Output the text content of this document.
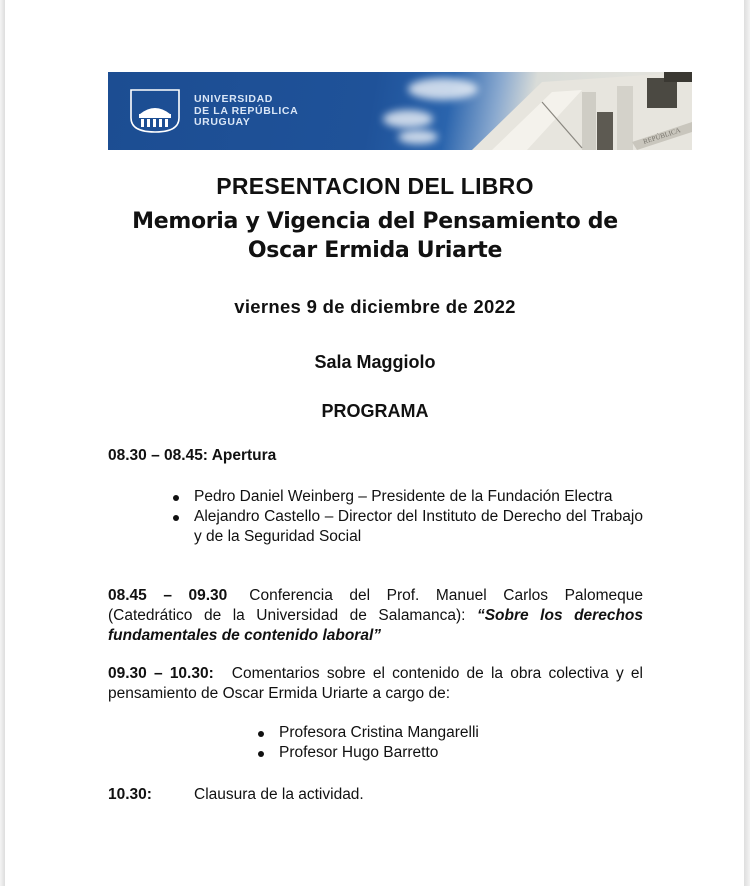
REPÚBLICA
UNIVERSIDAD
DE LA REPÚBLICA
URUGUAY
PRESENTACION DEL LIBRO
Memoria y Vigencia del Pensamiento de
Oscar Ermida Uriarte
viernes 9 de diciembre de 2022
Sala Maggiolo
PROGRAMA
08.30 – 08.45: Apertura
Pedro Daniel Weinberg – Presidente de la Fundación Electra
Alejandro Castello – Director del Instituto de Derecho del Trabajo y de la Seguridad Social
08.45 – 09.30 Conferencia del Prof. Manuel Carlos Palomeque (Catedrático de la Universidad de Salamanca): “Sobre los derechos fundamentales de contenido laboral”
09.30 – 10.30: Comentarios sobre el contenido de la obra colectiva y el pensamiento de Oscar Ermida Uriarte a cargo de:
Profesora Cristina Mangarelli
Profesor Hugo Barretto
10.30:	Clausura de la actividad.
